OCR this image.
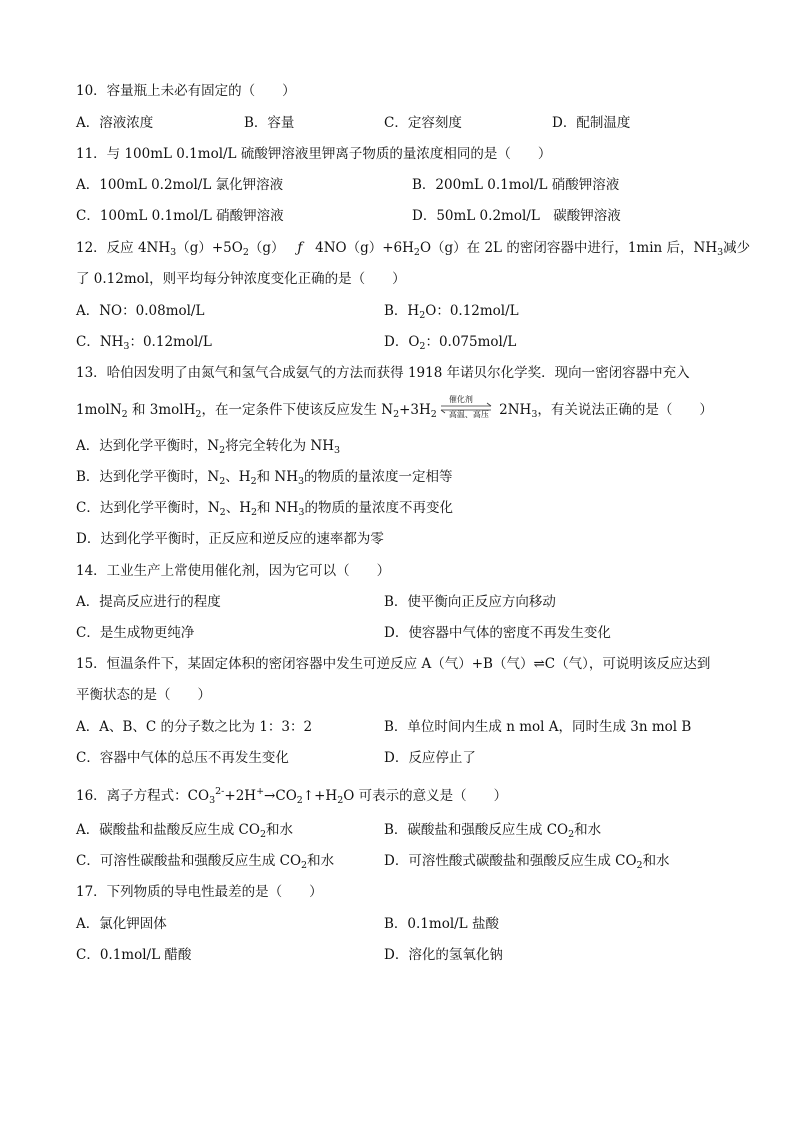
10．容量瓶上未必有固定的（　　）
A．溶液浓度	B．容量	C．定容刻度	D．配制温度
11．与 100mL 0.1mol/L 硫酸钾溶液里钾离子物质的量浓度相同的是（　　）
A．100mL 0.2mol/L 氯化钾溶液	B．200mL 0.1mol/L 硝酸钾溶液
C．100mL 0.1mol/L 硝酸钾溶液	D．50mL 0.2mol/L　碳酸钾溶液
12．反应 $4NH_3(g)+5O_2(g)$ ƒ $4NO(g)+6H_2O(g)$在 2L 的密闭容器中进行，1min 后，$NH_3$减少
了 0.12mol，则平均每分钟浓度变化正确的是（　　）
A．NO：0.08mol/L	B．$H_2O$：0.12mol/L
C．$NH_3$：0.12mol/L	D．$O_2$：0.075mol/L
13．哈伯因发明了由氮气和氢气合成氨气的方法而获得 1918 年诺贝尔化学奖．现向一密闭容器中充入
1molN$_2$ 和 3molH$_2$，在一定条件下使该反应发生 $N_2+3H_2$
催化剂
高温、高压 $2NH_3$，有关说法正确的是（　　）
A．达到化学平衡时，$N_2$将完全转化为 $NH_3$
B．达到化学平衡时，$N_2$、$H_2$和 $NH_3$的物质的量浓度一定相等
C．达到化学平衡时，$N_2$、$H_2$和 $NH_3$的物质的量浓度不再变化
D．达到化学平衡时，正反应和逆反应的速率都为零
14．工业生产上常使用催化剂，因为它可以（　　）
A．提高反应进行的程度	B．使平衡向正反应方向移动
C．是生成物更纯净	D．使容器中气体的密度不再发生变化
15．恒温条件下，某固定体积的密闭容器中发生可逆反应 A（气）+B（气）⇌C（气），可说明该反应达到
平衡状态的是（　　）
A．A、B、C 的分子数之比为 1：3：2	B．单位时间内生成 n mol A，同时生成 3n mol B
C．容器中气体的总压不再发生变化	D．反应停止了
16．离子方程式：$CO_3^{2-}+2H^+\to CO_2↑+H_2O$ 可表示的意义是（　　）
A．碳酸盐和盐酸反应生成 $CO_2$和水	B．碳酸盐和强酸反应生成 $CO_2$和水
C．可溶性碳酸盐和强酸反应生成 $CO_2$和水	D．可溶性酸式碳酸盐和强酸反应生成 $CO_2$和水
17．下列物质的导电性最差的是（　　）
A．氯化钾固体	B．0.1mol/L 盐酸
C．0.1mol/L 醋酸	D．溶化的氢氧化钠
